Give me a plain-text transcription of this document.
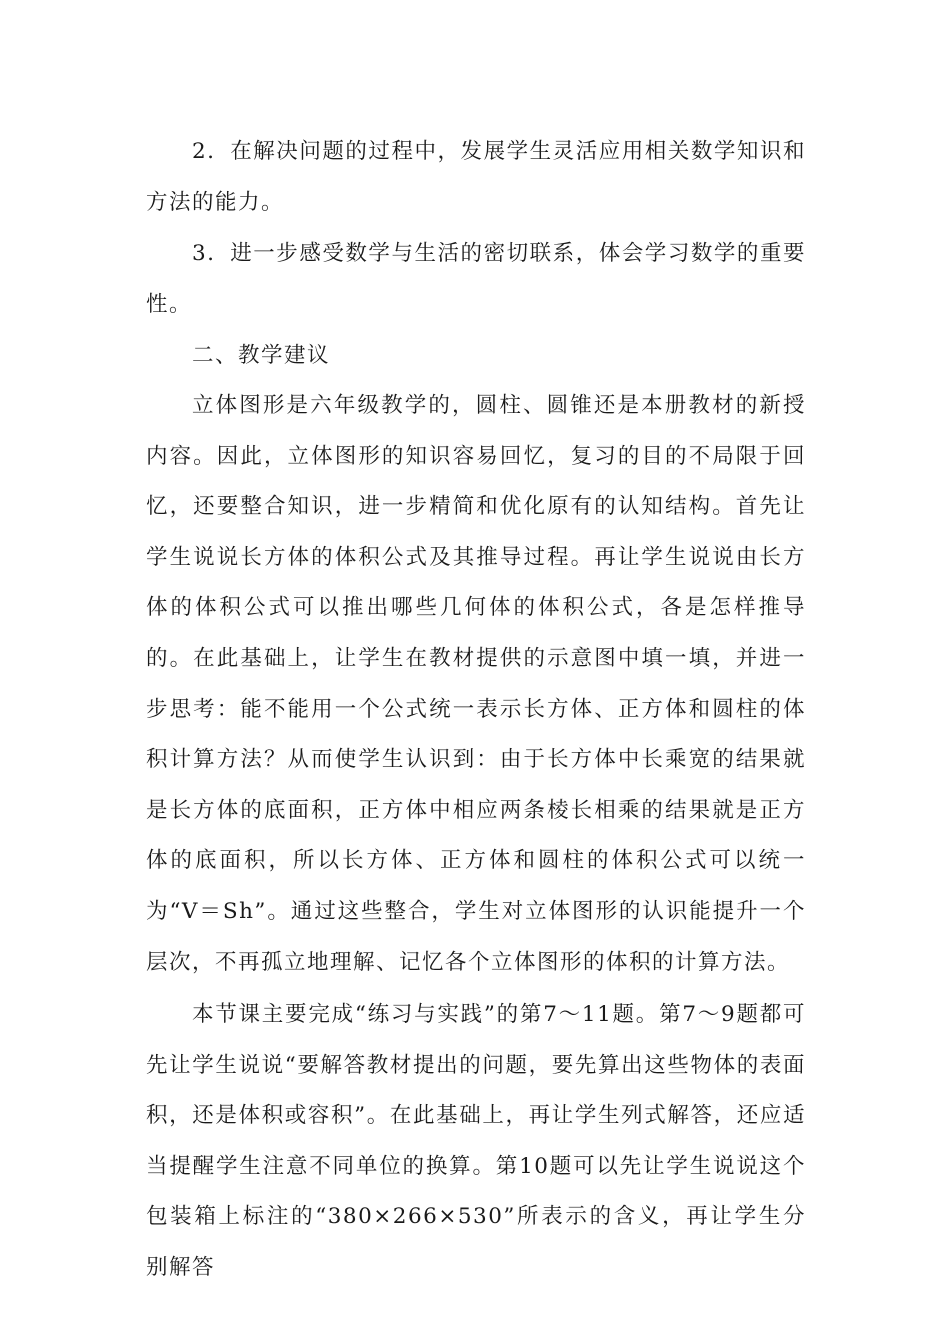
2．在解决问题的过程中，发展学生灵活应用相关数学知识和方法的能力。

3．进一步感受数学与生活的密切联系，体会学习数学的重要性。

二、教学建议

立体图形是六年级教学的，圆柱、圆锥还是本册教材的新授内容。因此，立体图形的知识容易回忆，复习的目的不局限于回忆，还要整合知识，进一步精简和优化原有的认知结构。首先让学生说说长方体的体积公式及其推导过程。再让学生说说由长方体的体积公式可以推出哪些几何体的体积公式，各是怎样推导的。在此基础上，让学生在教材提供的示意图中填一填，并进一步思考：能不能用一个公式统一表示长方体、正方体和圆柱的体积计算方法？从而使学生认识到：由于长方体中长乘宽的结果就是长方体的底面积，正方体中相应两条棱长相乘的结果就是正方体的底面积，所以长方体、正方体和圆柱的体积公式可以统一为“V＝Sh”。通过这些整合，学生对立体图形的认识能提升一个层次，不再孤立地理解、记忆各个立体图形的体积的计算方法。

本节课主要完成“练习与实践”的第7～11题。第7～9题都可先让学生说说“要解答教材提出的问题，要先算出这些物体的表面积，还是体积或容积”。在此基础上，再让学生列式解答，还应适当提醒学生注意不同单位的换算。第10题可以先让学生说说这个包装箱上标注的“380×266×530”所表示的含义，再让学生分别解答
